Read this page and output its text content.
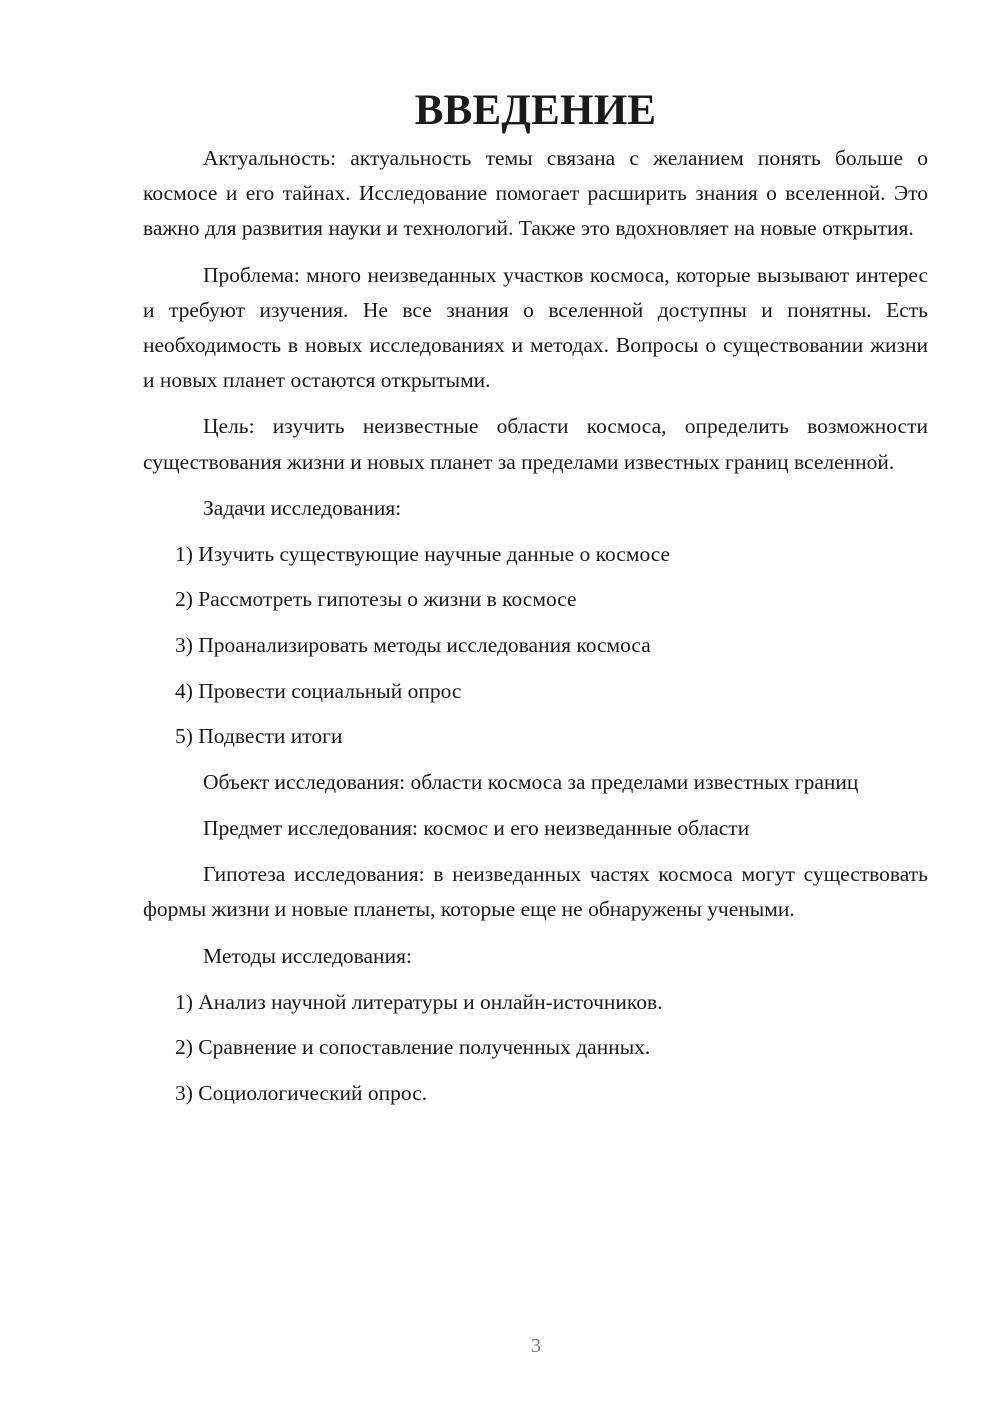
ВВЕДЕНИЕ

Актуальность: актуальность темы связана с желанием понять больше о космосе и его тайнах. Исследование помогает расширить знания о вселенной. Это важно для развития науки и технологий. Также это вдохновляет на новые открытия.

Проблема: много неизведанных участков космоса, которые вызывают интерес и требуют изучения. Не все знания о вселенной доступны и понятны. Есть необходимость в новых исследованиях и методах. Вопросы о существовании жизни и новых планет остаются открытыми.

Цель: изучить неизвестные области космоса, определить возможности существования жизни и новых планет за пределами известных границ вселенной.

Задачи исследования:

1) Изучить существующие научные данные о космосе
2) Рассмотреть гипотезы о жизни в космосе
3) Проанализировать методы исследования космоса
4) Провести социальный опрос
5) Подвести итоги

Объект исследования: области космоса за пределами известных границ

Предмет исследования: космос и его неизведанные области

Гипотеза исследования: в неизведанных частях космоса могут существовать формы жизни и новые планеты, которые еще не обнаружены учеными.

Методы исследования:

1) Анализ научной литературы и онлайн-источников.
2) Сравнение и сопоставление полученных данных.
3) Социологический опрос.
3
